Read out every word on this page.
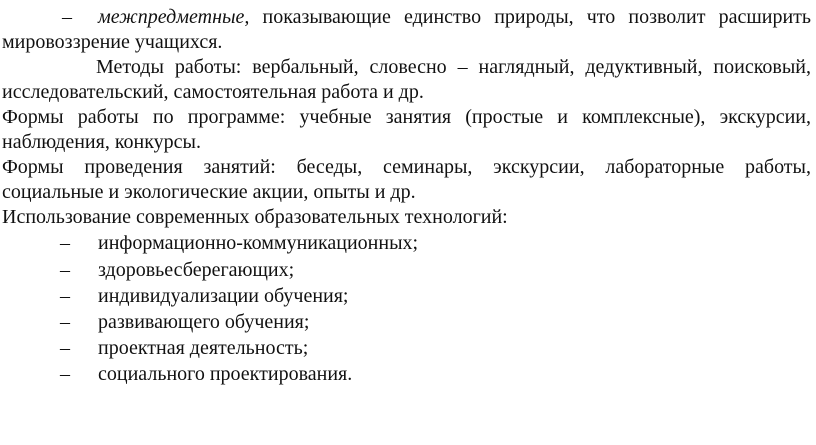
– межпредметные, показывающие единство природы, что позволит расширить
мировоззрение учащихся.
Методы работы: вербальный, словесно – наглядный, дедуктивный, поисковый,
исследовательский, самостоятельная работа и др.
Формы работы по программе: учебные занятия (простые и комплексные), экскурсии,
наблюдения, конкурсы.
Формы проведения занятий: беседы, семинары, экскурсии, лабораторные работы,
социальные и экологические акции, опыты и др.
Использование современных образовательных технологий:
– информационно-коммуникационных;
– здоровьесберегающих;
– индивидуализации обучения;
– развивающего обучения;
– проектная деятельность;
– социального проектирования.
